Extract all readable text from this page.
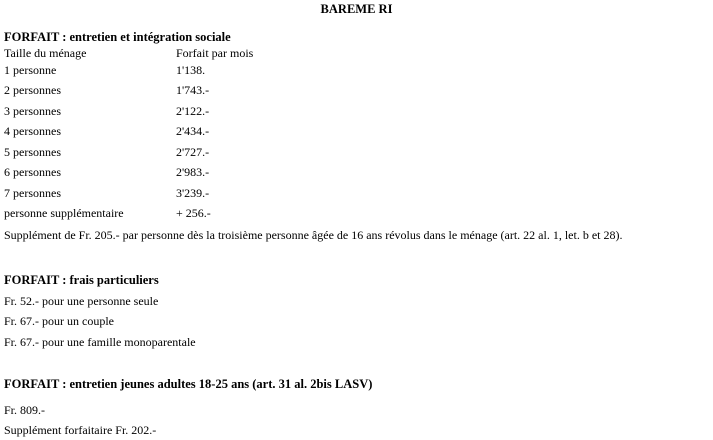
BAREME RI
FORFAIT : entretien et intégration sociale
Taille du ménage	Forfait par mois
1 personne	1'138.
2 personnes	1'743.-
3 personnes	2'122.-
4 personnes	2'434.-
5 personnes	2'727.-
6 personnes	2'983.-
7 personnes	3'239.-
personne supplémentaire	+ 256.-
Supplément de Fr. 205.- par personne dès la troisième personne âgée de 16 ans révolus dans le ménage (art. 22 al. 1, let. b et 28).
FORFAIT : frais particuliers
Fr. 52.- pour une personne seule
Fr. 67.- pour un couple
Fr. 67.- pour une famille monoparentale
FORFAIT : entretien jeunes adultes 18-25 ans (art. 31 al. 2bis LASV)
Fr. 809.-
Supplément forfaitaire Fr. 202.-
